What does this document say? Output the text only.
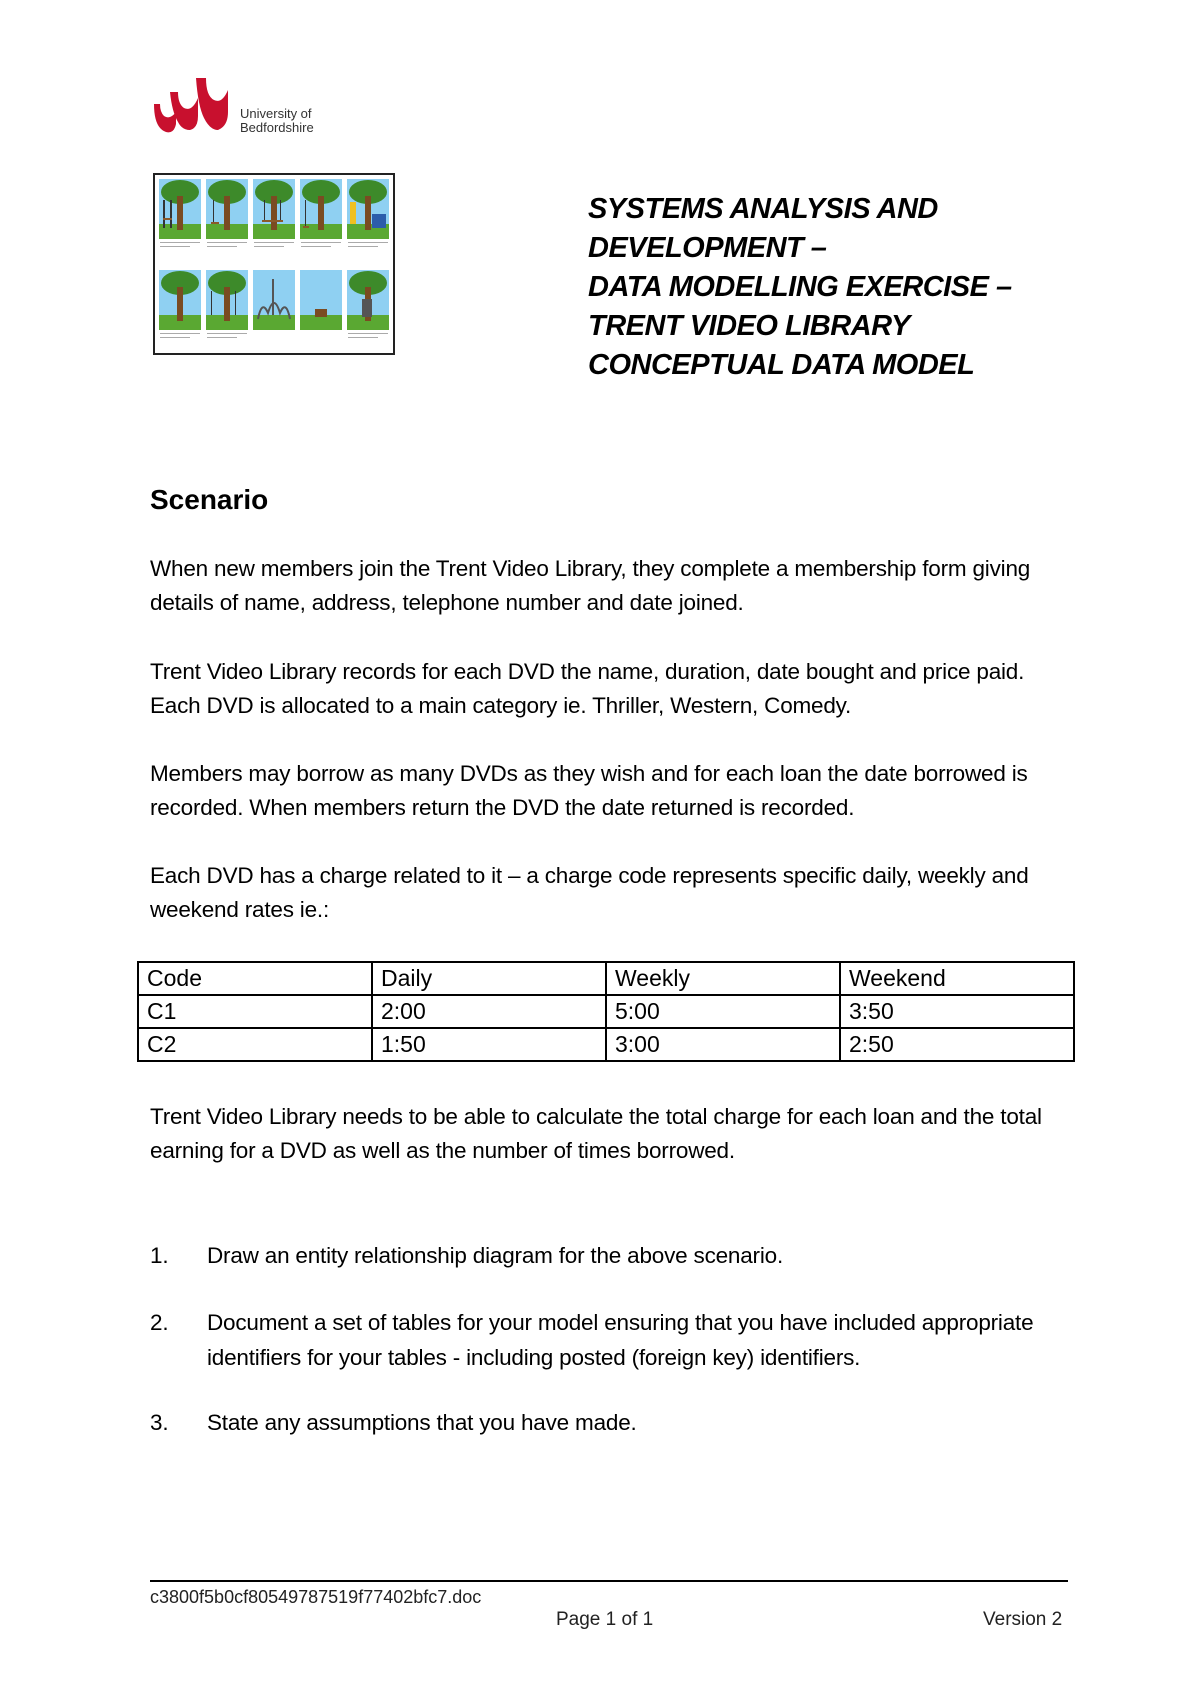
University of
Bedfordshire
SYSTEMS ANALYSIS AND
DEVELOPMENT –
DATA MODELLING EXERCISE –
TRENT VIDEO LIBRARY
CONCEPTUAL DATA MODEL
Scenario
When new members join the Trent Video Library, they complete a membership form giving details of name, address, telephone number and date joined.
Trent Video Library records for each DVD the name, duration, date bought and price paid. Each DVD is allocated to a main category ie. Thriller, Western, Comedy.
Members may borrow as many DVDs as they wish and for each loan the date borrowed is recorded. When members return the DVD the date returned is recorded.
Each DVD has a charge related to it – a charge code represents specific daily, weekly and weekend rates ie.:
Code	Daily	Weekly	Weekend
C1	2:00	5:00	3:50
C2	1:50	3:00	2:50
Trent Video Library needs to be able to calculate the total charge for each loan and the total earning for a DVD as well as the number of times borrowed.
1. Draw an entity relationship diagram for the above scenario.
2. Document a set of tables for your model ensuring that you have included appropriate identifiers for your tables - including posted (foreign key) identifiers.
3. State any assumptions that you have made.
c3800f5b0cf80549787519f77402bfc7.doc
Page 1 of 1	Version 2
